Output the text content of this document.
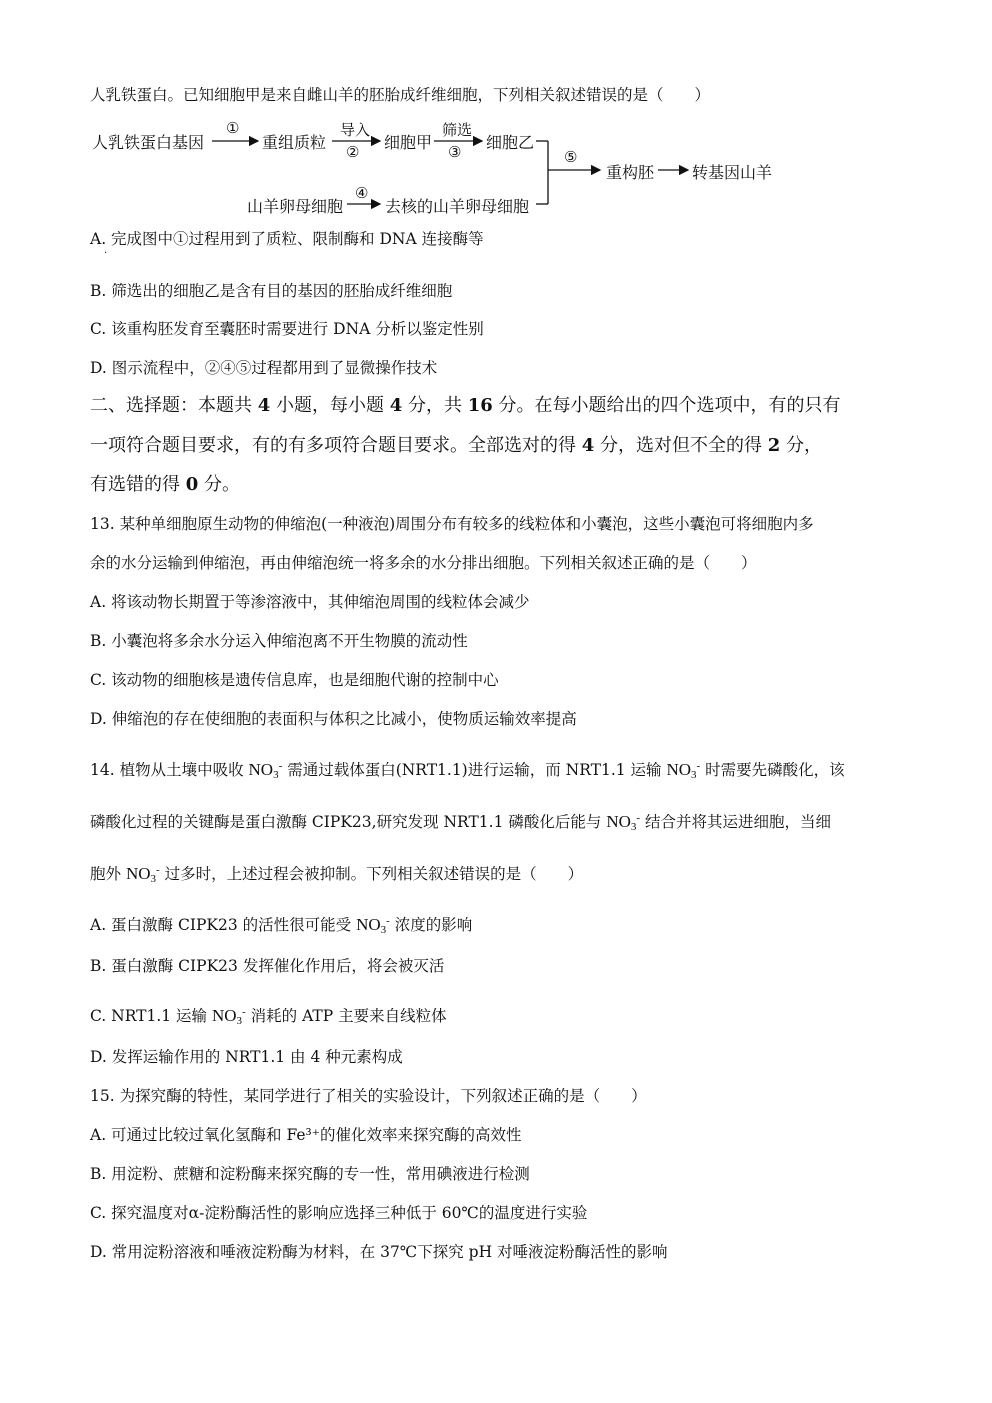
人乳铁蛋白。已知细胞甲是来自雌山羊的胚胎成纤维细胞，下列相关叙述错误的是（　　）
人乳铁蛋白基因
①
重组质粒
导入
② 细胞甲
筛选
③ 细胞乙
⑤
重构胚 转基因山羊
山羊卵母细胞
④
去核的山羊卵母细胞
A. 完成图中①过程用到了质粒、限制酶和 DNA 连接酶等
·
B. 筛选出的细胞乙是含有目的基因的胚胎成纤维细胞
C. 该重构胚发育至囊胚时需要进行 DNA 分析以鉴定性别
D. 图示流程中，②④⑤过程都用到了显微操作技术
二、选择题：本题共 4 小题，每小题 4 分，共 16 分。在每小题给出的四个选项中，有的只有
一项符合题目要求，有的有多项符合题目要求。全部选对的得 4 分，选对但不全的得 2 分，
有选错的得 0 分。
13. 某种单细胞原生动物的伸缩泡(一种液泡)周围分布有较多的线粒体和小囊泡，这些小囊泡可将细胞内多
余的水分运输到伸缩泡，再由伸缩泡统一将多余的水分排出细胞。下列相关叙述正确的是（　　）
A. 将该动物长期置于等渗溶液中，其伸缩泡周围的线粒体会减少
B. 小囊泡将多余水分运入伸缩泡离不开生物膜的流动性
C. 该动物的细胞核是遗传信息库，也是细胞代谢的控制中心
D. 伸缩泡的存在使细胞的表面积与体积之比减小，使物质运输效率提高
14. 植物从土壤中吸收 $NO_3^-$ 需通过载体蛋白(NRT1.1)进行运输，而 NRT1.1 运输 $NO_3^-$ 时需要先磷酸化，该
磷酸化过程的关键酶是蛋白激酶 CIPK23,研究发现 NRT1.1 磷酸化后能与 $NO_3^-$ 结合并将其运进细胞，当细
胞外 $NO_3^-$ 过多时，上述过程会被抑制。下列相关叙述错误的是（　　）
A. 蛋白激酶 CIPK23 的活性很可能受 $NO_3^-$ 浓度的影响
B. 蛋白激酶 CIPK23 发挥催化作用后，将会被灭活
C. NRT1.1 运输 $NO_3^-$ 消耗的 ATP 主要来自线粒体
D. 发挥运输作用的 NRT1.1 由 4 种元素构成
15. 为探究酶的特性，某同学进行了相关的实验设计，下列叙述正确的是（　　）
A. 可通过比较过氧化氢酶和 Fe³⁺的催化效率来探究酶的高效性
B. 用淀粉、蔗糖和淀粉酶来探究酶的专一性，常用碘液进行检测
C. 探究温度对α-淀粉酶活性的影响应选择三种低于 60℃的温度进行实验
D. 常用淀粉溶液和唾液淀粉酶为材料，在 37℃下探究 pH 对唾液淀粉酶活性的影响
